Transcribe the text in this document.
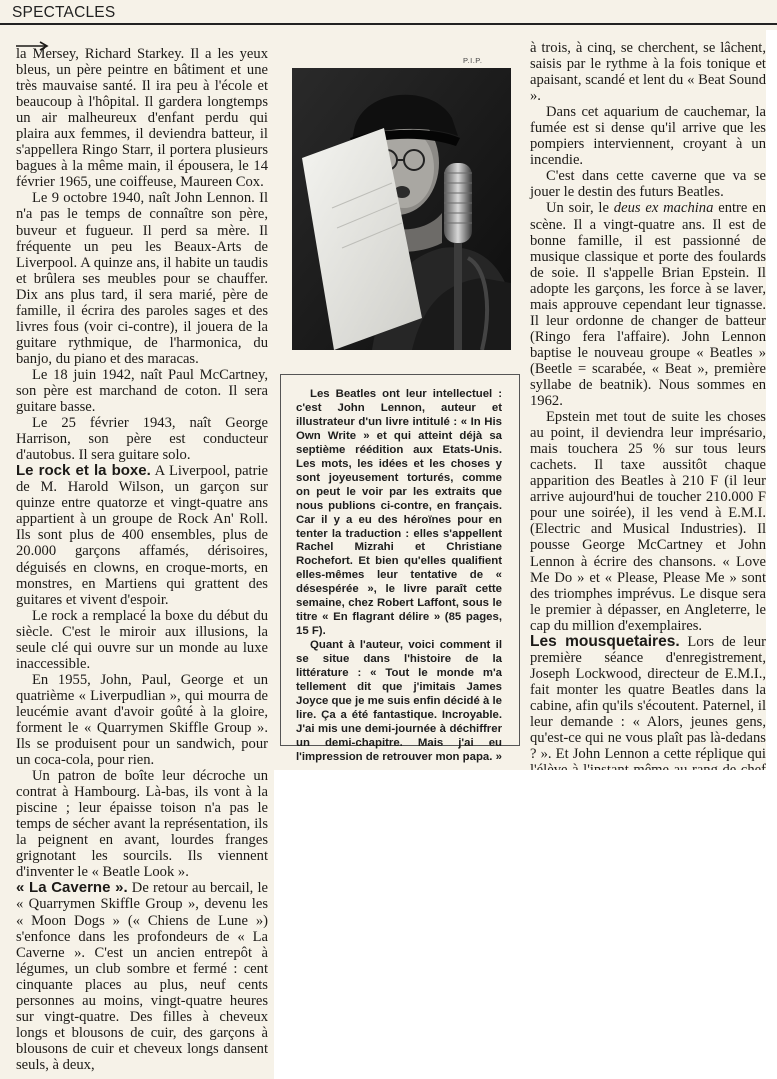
SPECTACLES

la Mersey, Richard Starkey. Il a les yeux bleus, un père peintre en bâtiment et une très mauvaise santé. Il ira peu à l'école et beaucoup à l'hôpital. Il gardera longtemps un air malheureux d'enfant perdu qui plaira aux femmes, il deviendra batteur, il s'appellera Ringo Starr, il portera plusieurs bagues à la même main, il épousera, le 14 février 1965, une coiffeuse, Maureen Cox.

Le 9 octobre 1940, naît John Lennon. Il n'a pas le temps de connaître son père, buveur et fugueur. Il perd sa mère. Il fréquente un peu les Beaux-Arts de Liverpool. A quinze ans, il habite un taudis et brûlera ses meubles pour se chauffer. Dix ans plus tard, il sera marié, père de famille, il écrira des paroles sages et des livres fous (voir ci-contre), il jouera de la guitare rythmique, de l'harmonica, du banjo, du piano et des maracas.

Le 18 juin 1942, naît Paul McCartney, son père est marchand de coton. Il sera guitare basse.

Le 25 février 1943, naît George Harrison, son père est conducteur d'autobus. Il sera guitare solo.

Le rock et la boxe. A Liverpool, patrie de M. Harold Wilson, un garçon sur quinze entre quatorze et vingt-quatre ans appartient à un groupe de Rock An' Roll. Ils sont plus de 400 ensembles, plus de 20.000 garçons affamés, dérisoires, déguisés en clowns, en croque-morts, en monstres, en Martiens qui grattent des guitares et vivent d'espoir.

Le rock a remplacé la boxe du début du siècle. C'est le miroir aux illusions, la seule clé qui ouvre sur un monde au luxe inaccessible.

En 1955, John, Paul, George et un quatrième « Liverpudlian », qui mourra de leucémie avant d'avoir goûté à la gloire, forment le « Quarrymen Skiffle Group ». Ils se produisent pour un sandwich, pour un coca-cola, pour rien.

Un patron de boîte leur décroche un contrat à Hambourg. Là-bas, ils vont à la piscine ; leur épaisse toison n'a pas le temps de sécher avant la représentation, ils la peignent en avant, lourdes franges grignotant les sourcils. Ils viennent d'inventer le « Beatle Look ».

« La Caverne ». De retour au bercail, le « Quarrymen Skiffle Group », devenu les « Moon Dogs » (« Chiens de Lune ») s'enfonce dans les profondeurs de « La Caverne ». C'est un ancien entrepôt à légumes, un club sombre et fermé : cent cinquante places au plus, neuf cents personnes au moins, vingt-quatre heures sur vingt-quatre. Des filles à cheveux longs et blousons de cuir, des garçons à blousons de cuir et cheveux longs dansent seuls, à deux,

P.I.P.

Les Beatles ont leur intellectuel : c'est John Lennon, auteur et illustrateur d'un livre intitulé : « In His Own Write » et qui atteint déjà sa septième réédition aux Etats-Unis. Les mots, les idées et les choses y sont joyeusement torturés, comme on peut le voir par les extraits que nous publions ci-contre, en français. Car il y a eu des héroïnes pour en tenter la traduction : elles s'appellent Rachel Mizrahi et Christiane Rochefort. Et bien qu'elles qualifient elles-mêmes leur tentative de « désespérée », le livre paraît cette semaine, chez Robert Laffont, sous le titre « En flagrant délire » (85 pages, 15 F).

Quant à l'auteur, voici comment il se situe dans l'histoire de la littérature : « Tout le monde m'a tellement dit que j'imitais James Joyce que je me suis enfin décidé à le lire. Ça a été fantastique. Incroyable. J'ai mis une demi-journée à déchiffrer un demi-chapitre. Mais j'ai eu l'impression de retrouver mon papa. »

à trois, à cinq, se cherchent, se lâchent, saisis par le rythme à la fois tonique et apaisant, scandé et lent du « Beat Sound ».

Dans cet aquarium de cauchemar, la fumée est si dense qu'il arrive que les pompiers interviennent, croyant à un incendie.

C'est dans cette caverne que va se jouer le destin des futurs Beatles.

Un soir, le deus ex machina entre en scène. Il a vingt-quatre ans. Il est de bonne famille, il est passionné de musique classique et porte des foulards de soie. Il s'appelle Brian Epstein. Il adopte les garçons, les force à se laver, mais approuve cependant leur tignasse. Il leur ordonne de changer de batteur (Ringo fera l'affaire). John Lennon baptise le nouveau groupe « Beatles » (Beetle = scarabée, « Beat », première syllabe de beatnik). Nous sommes en 1962.

Epstein met tout de suite les choses au point, il deviendra leur imprésario, mais touchera 25 % sur tous leurs cachets. Il taxe aussitôt chaque apparition des Beatles à 210 F (il leur arrive aujourd'hui de toucher 210.000 F pour une soirée), il les vend à E.M.I. (Electric and Musical Industries). Il pousse George McCartney et John Lennon à écrire des chansons. « Love Me Do » et « Please, Please Me » sont des triomphes imprévus. Le disque sera le premier à dépasser, en Angleterre, le cap du million d'exemplaires.

Les mousquetaires. Lors de leur première séance d'enregistrement, Joseph Lockwood, directeur de E.M.I., fait monter les quatre Beatles dans la cabine, afin qu'ils s'écoutent. Paternel, il leur demande : « Alors, jeunes gens, qu'est-ce qui ne vous plaît pas là-dedans ? ». Et John Lennon a cette réplique qui
